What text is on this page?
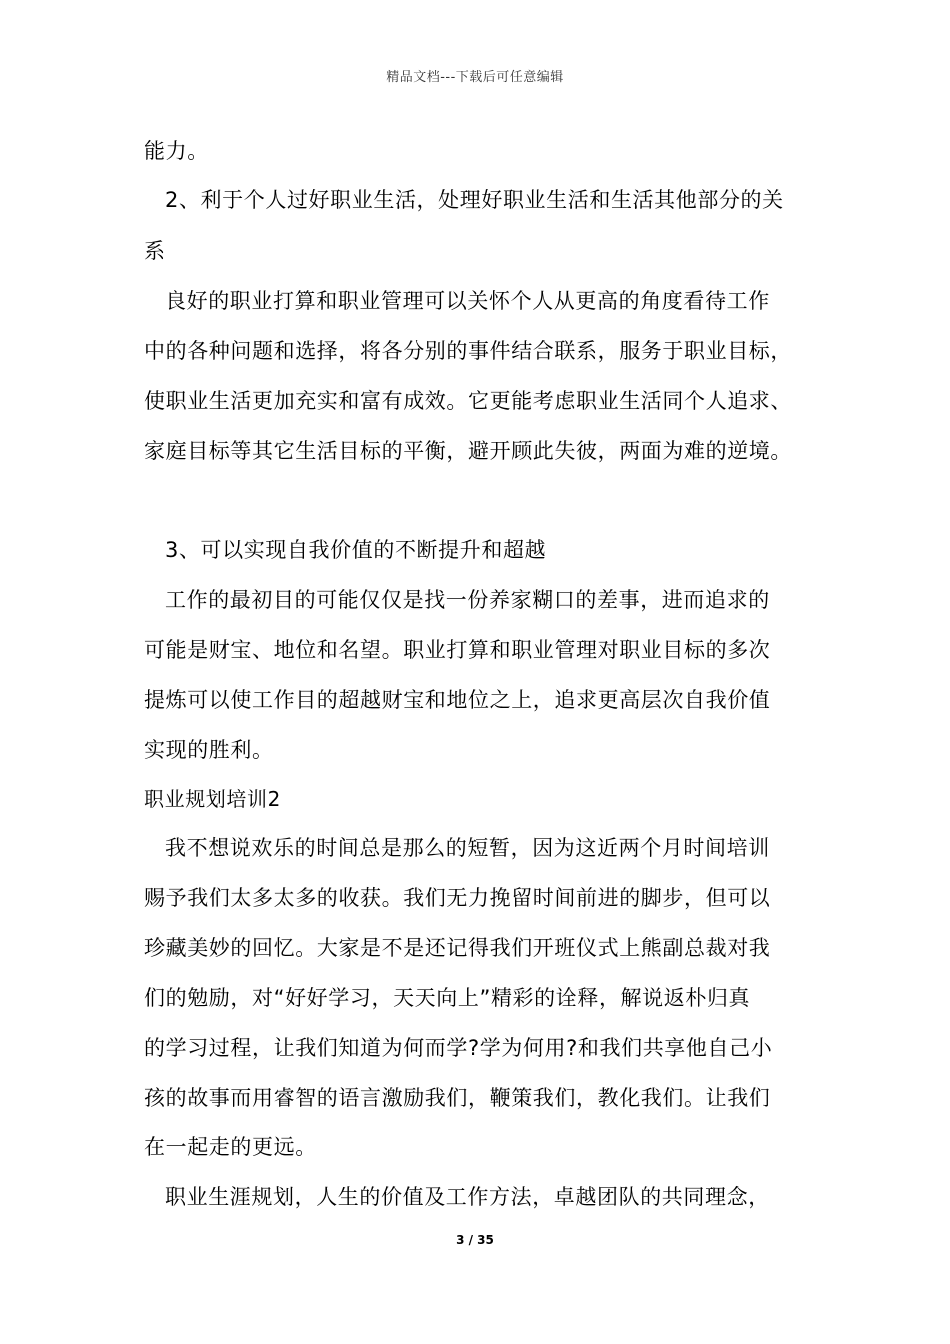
精品文档---下载后可任意编辑
能力。
2、利于个人过好职业生活，处理好职业生活和生活其他部分的关
系
良好的职业打算和职业管理可以关怀个人从更高的角度看待工作
中的各种问题和选择，将各分别的事件结合联系，服务于职业目标，
使职业生活更加充实和富有成效。它更能考虑职业生活同个人追求、
家庭目标等其它生活目标的平衡，避开顾此失彼，两面为难的逆境。
3、可以实现自我价值的不断提升和超越
工作的最初目的可能仅仅是找一份养家糊口的差事，进而追求的
可能是财宝、地位和名望。职业打算和职业管理对职业目标的多次
提炼可以使工作目的超越财宝和地位之上，追求更高层次自我价值
实现的胜利。
职业规划培训2
我不想说欢乐的时间总是那么的短暂，因为这近两个月时间培训
赐予我们太多太多的收获。我们无力挽留时间前进的脚步，但可以
珍藏美妙的回忆。大家是不是还记得我们开班仪式上熊副总裁对我
们的勉励，对“好好学习，天天向上”精彩的诠释，解说返朴归真
的学习过程，让我们知道为何而学?学为何用?和我们共享他自己小
孩的故事而用睿智的语言激励我们，鞭策我们，教化我们。让我们
在一起走的更远。
职业生涯规划，人生的价值及工作方法，卓越团队的共同理念，
3 / 35
